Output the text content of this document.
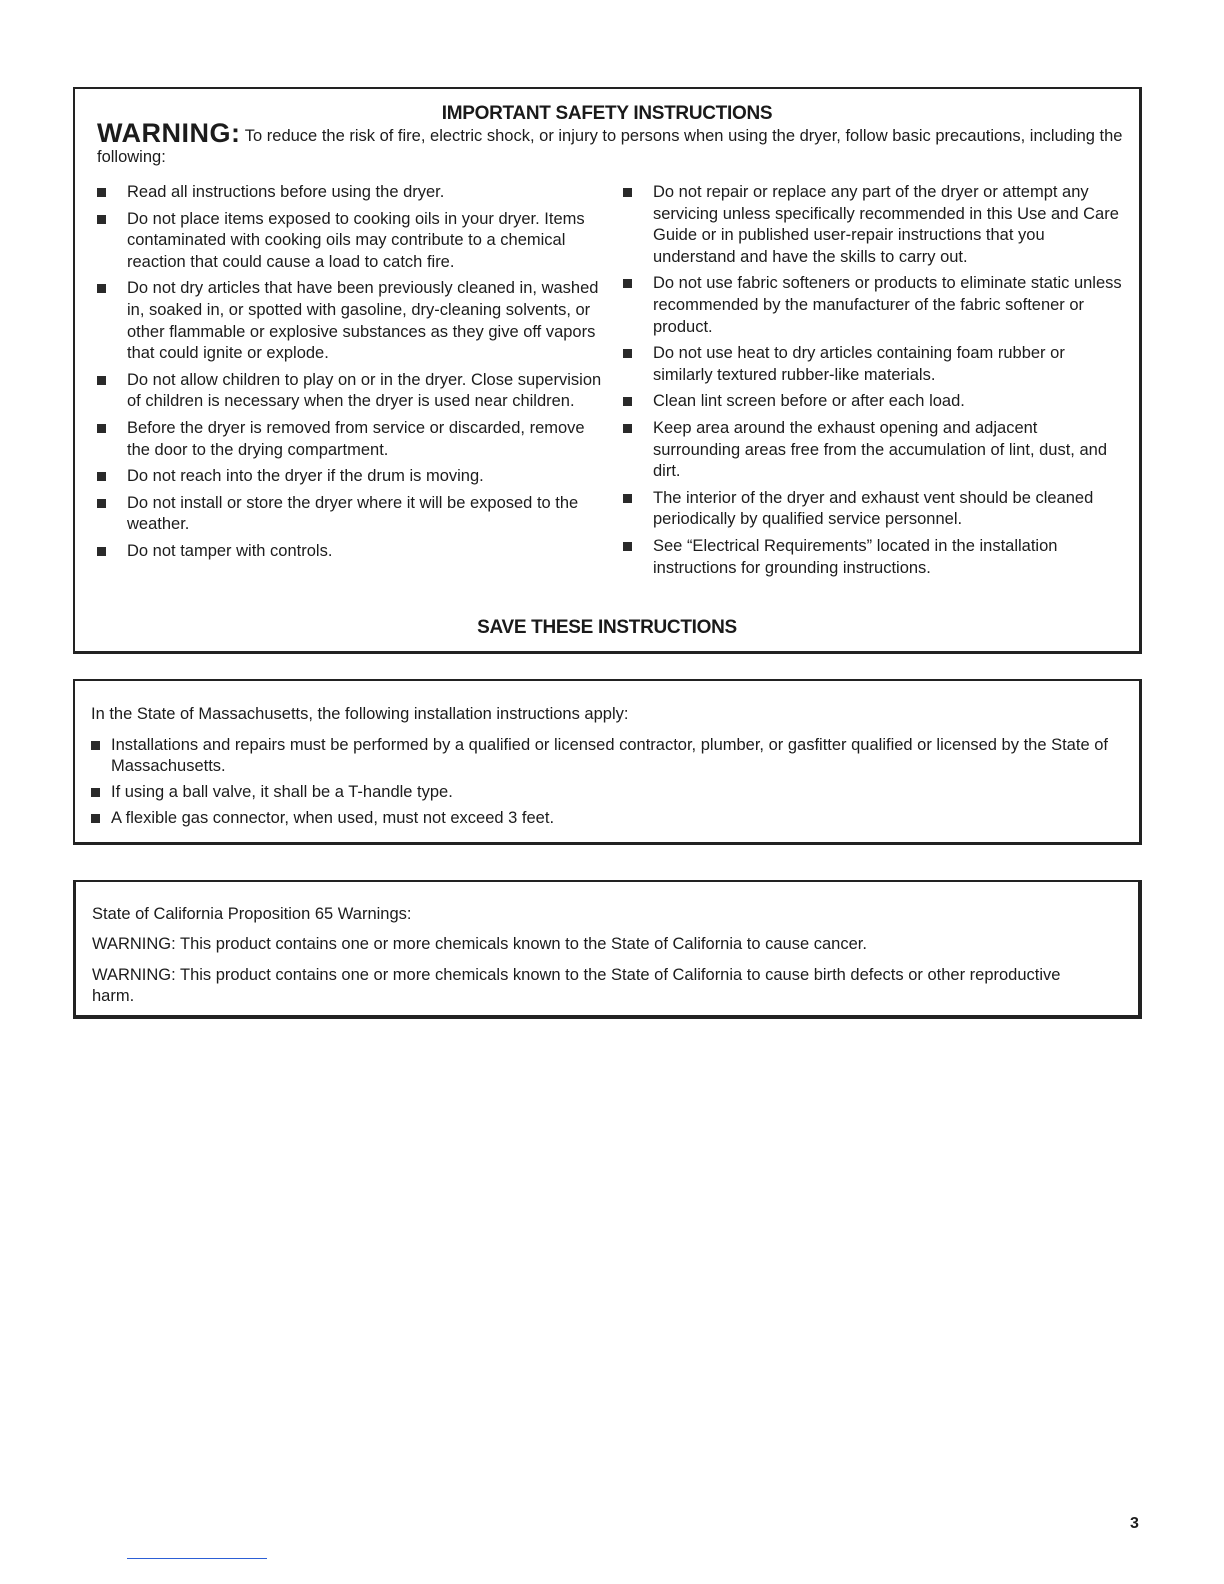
IMPORTANT SAFETY INSTRUCTIONS
WARNING: To reduce the risk of fire, electric shock, or injury to persons when using the dryer, follow basic precautions, including the following:
Read all instructions before using the dryer.
Do not place items exposed to cooking oils in your dryer. Items contaminated with cooking oils may contribute to a chemical reaction that could cause a load to catch fire.
Do not dry articles that have been previously cleaned in, washed in, soaked in, or spotted with gasoline, dry-cleaning solvents, or other flammable or explosive substances as they give off vapors that could ignite or explode.
Do not allow children to play on or in the dryer. Close supervision of children is necessary when the dryer is used near children.
Before the dryer is removed from service or discarded, remove the door to the drying compartment.
Do not reach into the dryer if the drum is moving.
Do not install or store the dryer where it will be exposed to the weather.
Do not tamper with controls.
Do not repair or replace any part of the dryer or attempt any servicing unless specifically recommended in this Use and Care Guide or in published user-repair instructions that you understand and have the skills to carry out.
Do not use fabric softeners or products to eliminate static unless recommended by the manufacturer of the fabric softener or product.
Do not use heat to dry articles containing foam rubber or similarly textured rubber-like materials.
Clean lint screen before or after each load.
Keep area around the exhaust opening and adjacent surrounding areas free from the accumulation of lint, dust, and dirt.
The interior of the dryer and exhaust vent should be cleaned periodically by qualified service personnel.
See “Electrical Requirements” located in the installation instructions for grounding instructions.
SAVE THESE INSTRUCTIONS
In the State of Massachusetts, the following installation instructions apply:
Installations and repairs must be performed by a qualified or licensed contractor, plumber, or gasfitter qualified or licensed by the State of Massachusetts.
If using a ball valve, it shall be a T-handle type.
A flexible gas connector, when used, must not exceed 3 feet.

State of California Proposition 65 Warnings:

WARNING: This product contains one or more chemicals known to the State of California to cause cancer.

WARNING: This product contains one or more chemicals known to the State of California to cause birth defects or other reproductive harm.

3
